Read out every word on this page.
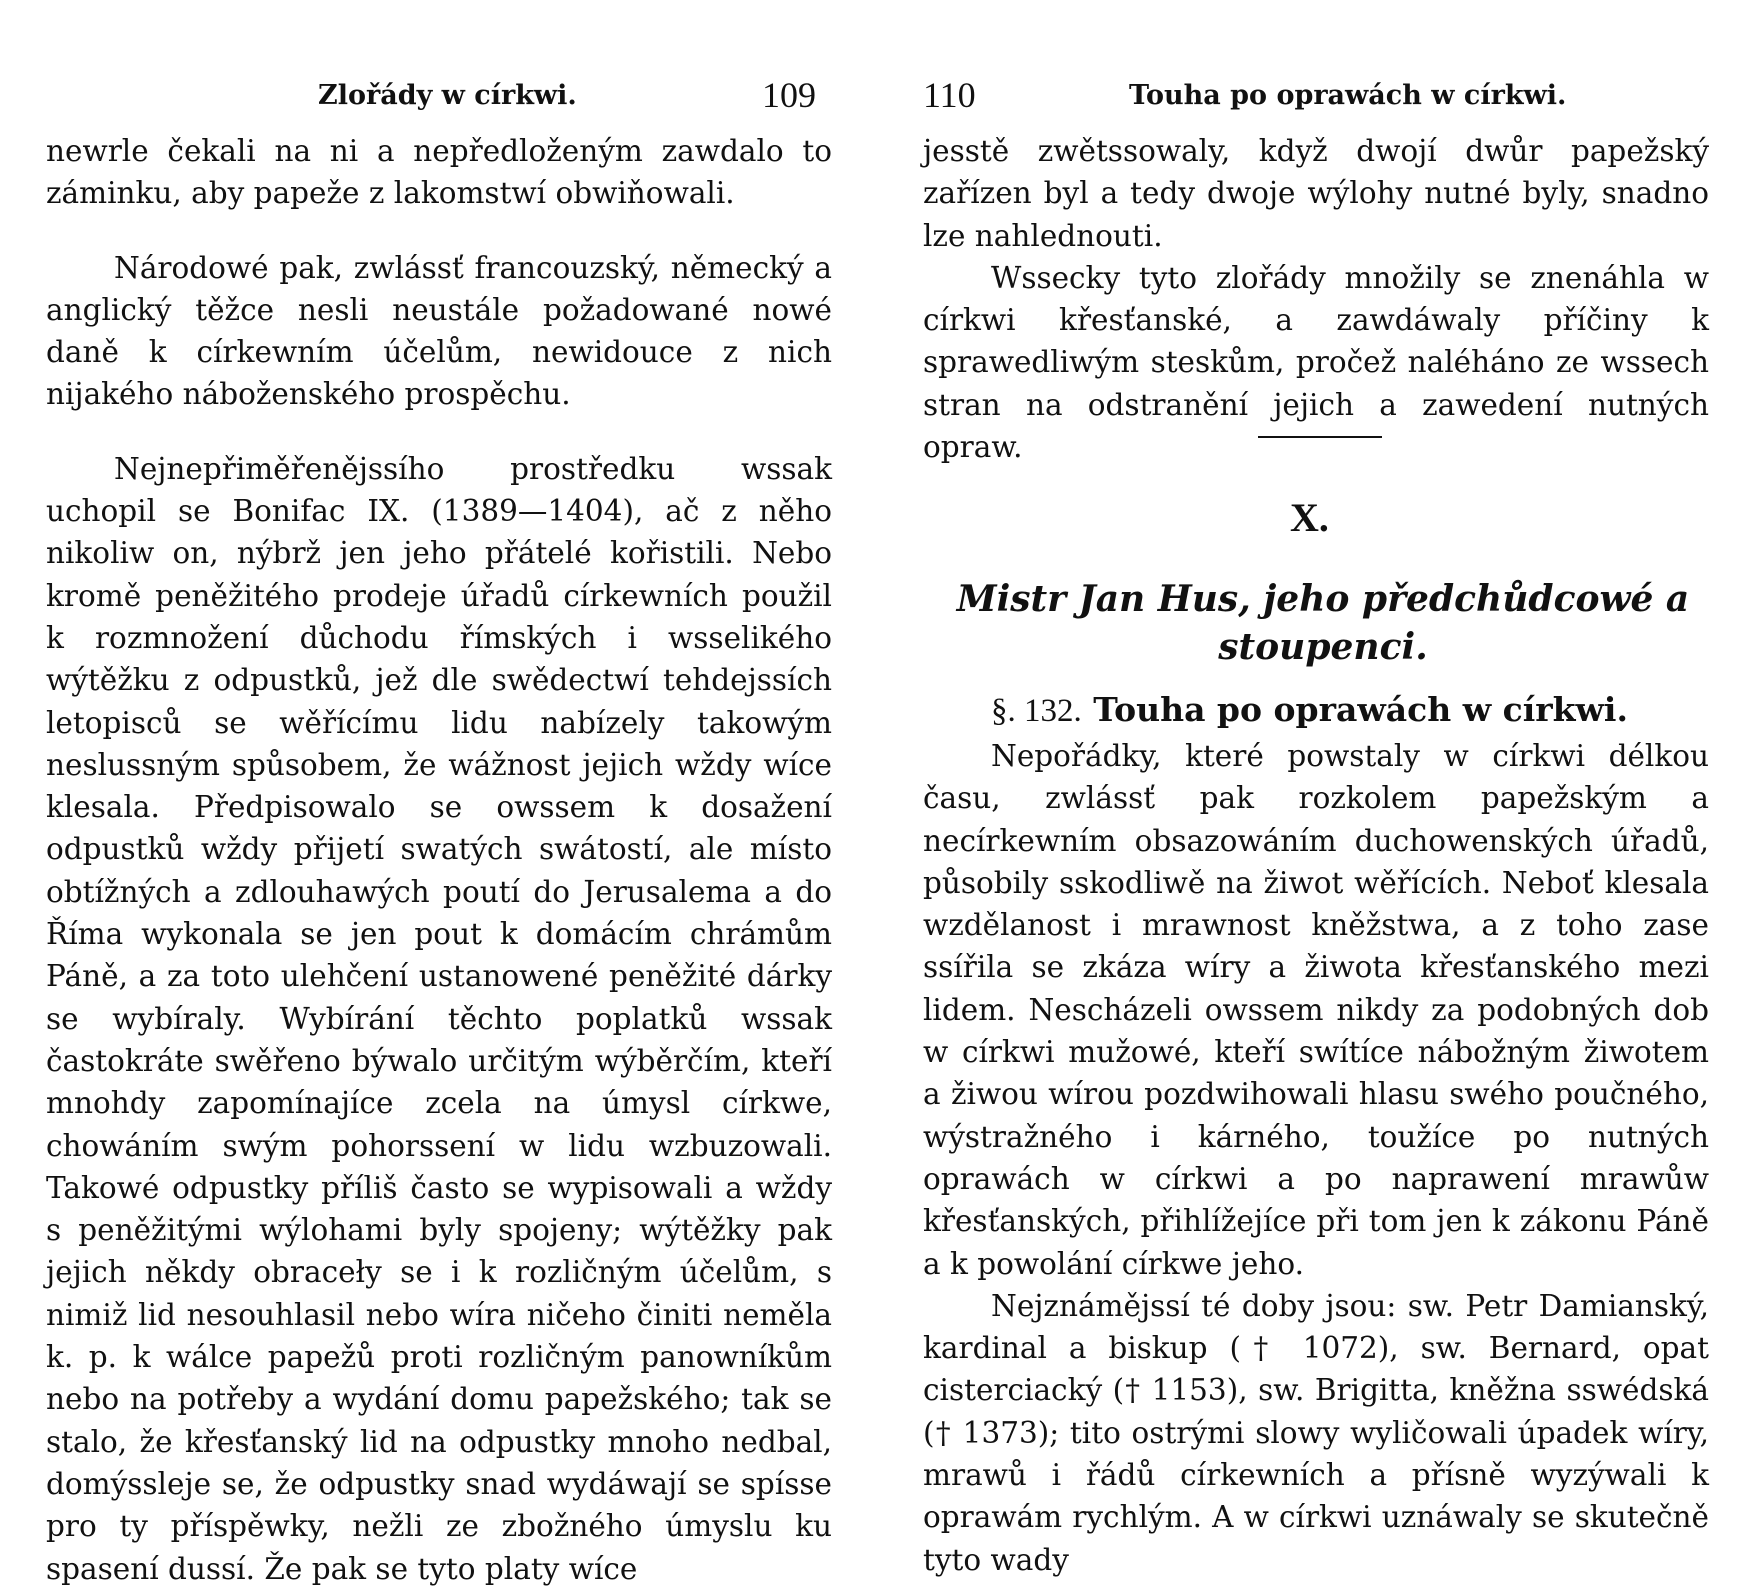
Zlořády w církwi.	109

newrle čekali na ni a nepředloženým zawdalo to záminku, aby papeže z lakomstwí obwiňowali.

Národowé pak, zwlássť francouzský, německý a anglický těžce nesli neustále požadowané nowé daně k církewním účelům, newidouce z nich nijakého náboženského prospěchu.

Nejnepřiměřenějssího prostředku wssak uchopil se Bonifac IX. (1389—1404), ač z něho nikoliw on, nýbrž jen jeho přátelé kořistili. Nebo kromě peněžitého prodeje úřadů církewních použil k rozmnožení důchodu římských i wsselikého wýtěžku z odpustků, jež dle swědectwí tehdejssích letopisců se wěřícímu lidu nabízely takowým neslussným spůsobem, že wážnost jejich wždy wíce klesala. Předpisowalo se owssem k dosažení odpustků wždy přijetí swatých swátostí, ale místo obtížných a zdlouhawých poutí do Jerusalema a do Říma wykonala se jen pout k domácím chrámům Páně, a za toto ulehčení ustanowené peněžité dárky se wybíraly. Wybírání těchto poplatků wssak častokráte swěřeno býwalo určitým wýběrčím, kteří mnohdy zapomínajíce zcela na úmysl církwe, chowáním swým pohorssení w lidu wzbuzowali. Takowé odpustky příliš často se wypisowali a wždy s peněžitými wýlohami byly spojeny; wýtěžky pak jejich někdy obraceły se i k rozličným účelům, s nimiž lid nesouhlasil nebo wíra ničeho činiti neměla k. p. k wálce papežů proti rozličným panowníkům nebo na potřeby a wydání domu papežského; tak se stalo, že křesťanský lid na odpustky mnoho nedbal, domýsslejе se, že odpustky snad wydáwají se spísse pro ty příspěwky, nežli ze zbožného úmyslu ku spasení dussí. Že pak se tyto platy wíce

110	Touha po oprawách w církwi.

jesstě zwětssowaly, když dwojí dwůr papežský zařízen byl a tedy dwoje wýlohy nutné byly, snadno lze nahlednouti.

Wssecky tyto zlořády množily se znenáhla w církwi křesťanské, a zawdáwaly příčiny k sprawedliwým steskům, pročež naléháno ze wssech stran na odstranění jejich a zawedení nutných opraw.

X.
Mistr Jan Hus, jeho předchůdcowé a stoupenci.
§. 132. Touha po oprawách w církwi.

Nepořádky, které powstaly w církwi délkou času, zwlássť pak rozkolem papežským a necírkewním obsazowáním duchowenských úřadů, působily sskodliwě na žiwot wěřících. Neboť klesala wzdělanost i mrawnost kněžstwa, a z toho zase ssířila se zkáza wíry a žiwota křesťanského mezi lidem. Nescházeli owssem nikdy za podobných dob w církwi mužowé, kteří swítíce nábožným žiwotem a žiwou wírou pozdwihowali hlasu swého poučného, wýstražného i kárného, toužíce po nutných oprawách w církwi a po naprawení mrawůw křesťanských, přihlížejíce při tom jen k zákonu Páně a k powolání církwe jeho.

Nejznáměјssí té doby jsou: sw. Petr Damianský, kardinal a biskup († 1072), sw. Bernard, opat cisterciacký († 1153), sw. Brigitta, kněžna sswédská († 1373); tito ostrými slowy wyličowali úpadek wíry, mrawů i řádů církewních a přísně wyzýwali k oprawám rychlým. A w církwi uznáwaly se skutečně tyto wady
